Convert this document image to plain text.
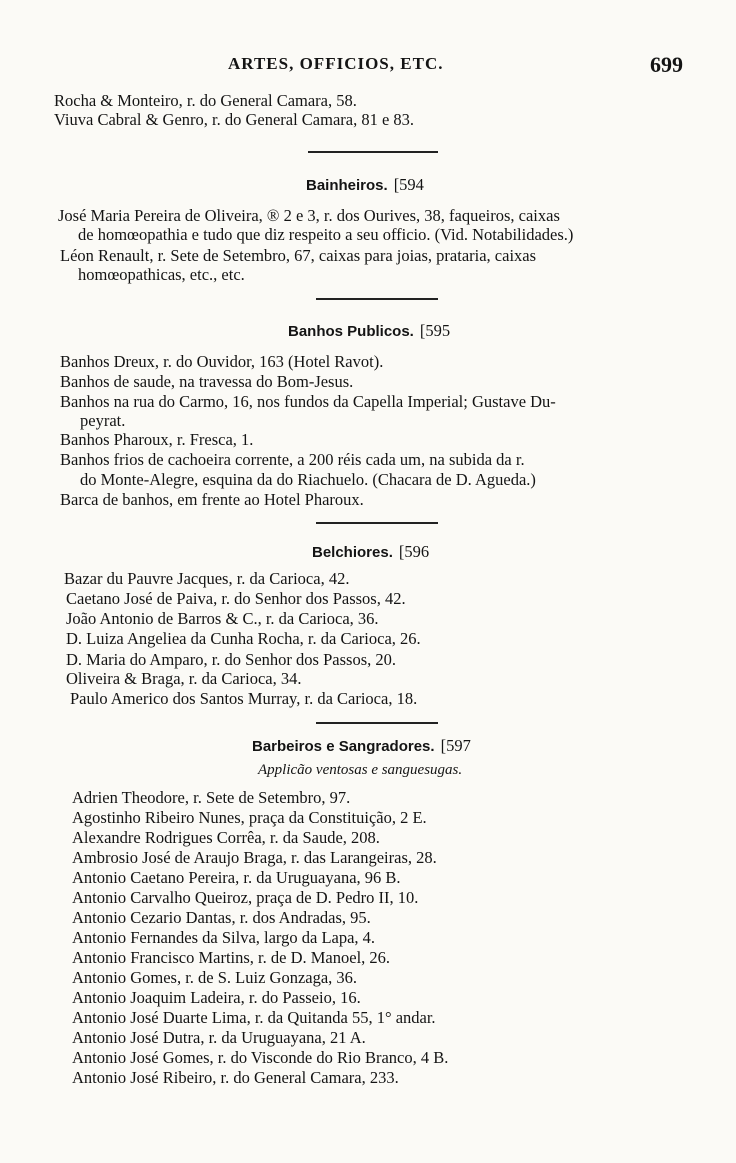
ARTES, OFFICIOS, ETC.	699
Rocha & Monteiro, r. do General Camara, 58.
Viuva Cabral & Genro, r. do General Camara, 81 e 83.
Bainheiros. [594
José Maria Pereira de Oliveira, ® 2 e 3, r. dos Ourives, 38, faqueiros, caixas
de homœopathia e tudo que diz respeito a seu officio. (Vid. Notabilidades.)
Léon Renault, r. Sete de Setembro, 67, caixas para joias, prataria, caixas
homœopathicas, etc., etc.
Banhos Publicos. [595
Banhos Dreux, r. do Ouvidor, 163 (Hotel Ravot).
Banhos de saude, na travessa do Bom-Jesus.
Banhos na rua do Carmo, 16, nos fundos da Capella Imperial; Gustave Du-
peyrat.
Banhos Pharoux, r. Fresca, 1.
Banhos frios de cachoeira corrente, a 200 réis cada um, na subida da r.
do Monte-Alegre, esquina da do Riachuelo. (Chacara de D. Agueda.)
Barca de banhos, em frente ao Hotel Pharoux.
Belchiores. [596
Bazar du Pauvre Jacques, r. da Carioca, 42.
Caetano José de Paiva, r. do Senhor dos Passos, 42.
João Antonio de Barros & C., r. da Carioca, 36.
D. Luiza Angeliea da Cunha Rocha, r. da Carioca, 26.
D. Maria do Amparo, r. do Senhor dos Passos, 20.
Oliveira & Braga, r. da Carioca, 34.
Paulo Americo dos Santos Murray, r. da Carioca, 18.
Barbeiros e Sangradores. [597
Applicão ventosas e sanguesugas.
Adrien Theodore, r. Sete de Setembro, 97.
Agostinho Ribeiro Nunes, praça da Constituição, 2 E.
Alexandre Rodrigues Corrêa, r. da Saude, 208.
Ambrosio José de Araujo Braga, r. das Larangeiras, 28.
Antonio Caetano Pereira, r. da Uruguayana, 96 B.
Antonio Carvalho Queiroz, praça de D. Pedro II, 10.
Antonio Cezario Dantas, r. dos Andradas, 95.
Antonio Fernandes da Silva, largo da Lapa, 4.
Antonio Francisco Martins, r. de D. Manoel, 26.
Antonio Gomes, r. de S. Luiz Gonzaga, 36.
Antonio Joaquim Ladeira, r. do Passeio, 16.
Antonio José Duarte Lima, r. da Quitanda 55, 1° andar.
Antonio José Dutra, r. da Uruguayana, 21 A.
Antonio José Gomes, r. do Visconde do Rio Branco, 4 B.
Antonio José Ribeiro, r. do General Camara, 233.
